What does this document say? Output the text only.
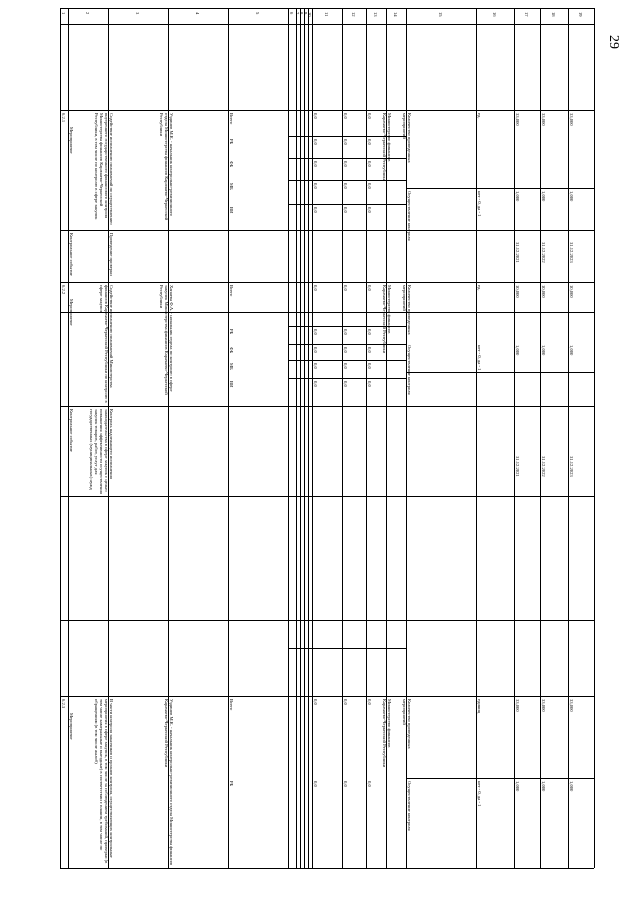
29
1	2	3	4	5	6 7 8 9 10	11	12	13	14	15	16	17	18	19
6.2.1
Мероприятие	Содействие исполнению полномочий по осуществлению внутреннего государственного финансового контроля Министерства финансов Карачаево-Черкесской Республики, в том числе по контролю в сфере закупок	Уздинов М.К. - начальник контрольно-ревизионного отдела Министерства финансов Карачаево-Черкесской Республики	Всего	0,0	0,0	0,0
РБ	0,0	0,0	0,0
ФБ	0,0	0,0	0,0
МБ	0,0	0,0	0,0
ВИ	0,0	0,0	0,0
Министерство финансов Карачаево-Черкесской Республики	Количество проведенных мероприятий	ед.	33,000	33,000	33,000
Осуществление контроля	нет - 0, да - 1	1,000	1,000	1,000
Контрольное событие	Проведение проверки	31.12.2021	31.12.2022	31.12.2023
6.2.2
Мероприятие	Содействие исполнению полномочий Министерства финансов Карачаево-Черкесской Республики по контролю в сфере закупок	Хапаева Ф.А. - начальник отдела по контролю в сфере закупок Министерства финансов Карачаево-Черкесской Республики	Всего	0,0	0,0	0,0
РБ	0,0	0,0	0,0
ФБ	0,0	0,0	0,0
МБ	0,0	0,0	0,0
ВИ	0,0	0,0	0,0
Министерство финансов Карачаево-Черкесской Республики	Количество проведенных мероприятий	ед.	10,000	10,000	10,000
Осуществление контроля	нет - 0, да - 1	1,000	1,000	1,000
Контрольное событие	Контроль надлежащего исполнения законодательства в сфере закупок с целью повышения эффективности осуществления закупок товаров, работ, услуг для государственных (муниципальных) нужд	31.12.2021	31.12.2022	31.12.2023
6.2.3
Мероприятие	В части контроля заказчиков и органов контроля, осуществляющих контрольные мероприятия в сфере закупок, в том числе за соблюдением требований, проверки (в том числе камеральные и выездные) в соответствии с планом, в том числе по обращениям (в том числе жалоб)	Уздинов М.К. - начальник контрольно-ревизионного отдела Министерства финансов Карачаево-Черкесской Республики	Всего	0,0	0,0	0,0
РБ	0,0	0,0	0,0
Министерство финансов Карачаево-Черкесской Республики	Количество проведенных мероприятий	единиц	33,000	33,000	33,000
Осуществление контроля	нет - 0, да - 1	1,000	1,000	1,000
